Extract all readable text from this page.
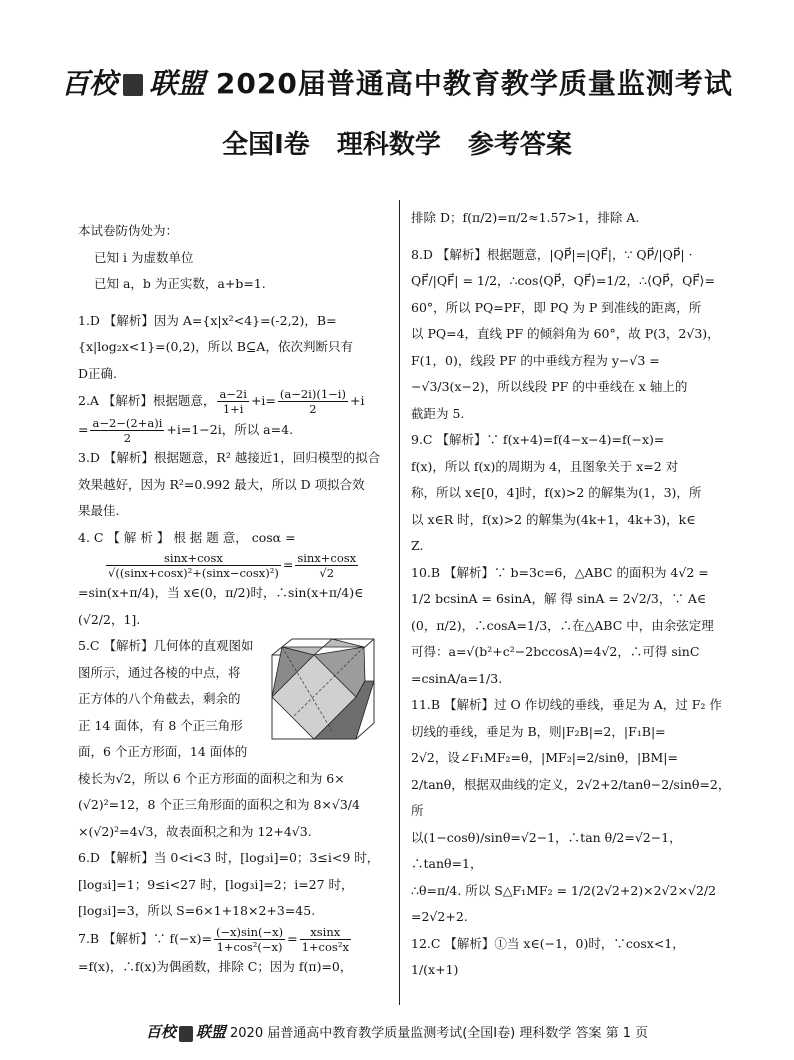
百校 联盟 2020届普通高中教育教学质量监测考试
全国Ⅰ卷 理科数学 参考答案

本试卷防伪处为：

已知 i 为虚数单位

已知 a，b 为正实数，a+b=1.

1.D 【解析】因为 A={x|x²<4}=(-2,2)，B=

{x|log₂x<1}=(0,2)，所以 B⊆A，依次判断只有

D正确.

2.A 【解析】根据题意， $\frac{a-2i}{1+i} +i= \frac{(a-2i)(1-i)}{2} +i$

= $\frac{a-2-(2+a)i}{2} +i=1-2i$，所以 a=4.

3.D 【解析】根据题意，R² 越接近1，回归模型的拟合

效果越好，因为 R²=0.992 最大，所以 D 项拟合效

果最佳.

4. C 【 解 析 】 根 据 题 意， cosα =

$\frac{\sin x+\cos x}{\text{√((sinx+cosx)²+(sinx−cosx)²)}} = \frac{\sin x+\cos x}{√2}$

=sin(x+π/4)，当 x∈(0，π/2)时，∴sin(x+π/4)∈

(√2/2，1].

5.C 【解析】几何体的直观图如

图所示，通过各棱的中点，将

正方体的八个角截去，剩余的

正 14 面体，有 8 个正三角形

面，6 个正方形面，14 面体的

棱长为√2，所以 6 个正方形面的面积之和为 6×

(√2)²=12，8 个正三角形面的面积之和为 8×√3/4

×(√2)²=4√3，故表面积之和为 12+4√3.

6.D 【解析】当 0<i<3 时，[log₃i]=0；3≤i<9 时，

[log₃i]=1；9≤i<27 时，[log₃i]=2；i=27 时，

[log₃i]=3，所以 S=6×1+18×2+3=45.

7.B 【解析】∵ $f(-x)= \frac{(-x)\sin(-x)}{\text{1+cos²(−x)}} = \frac{xsinx}{\text{1+cos²x}}$

=f(x)，∴f(x)为偶函数，排除 C；因为 f(π)=0，

排除 D；f(π/2)=π/2≈1.57>1，排除 A.

8.D 【解析】根据题意，|QP⃗|=|QF⃗|，∵ QP⃗/|QP⃗| ·

QF⃗/|QF⃗| = 1/2，∴cos⟨QP⃗，QF⃗⟩=1/2，∴⟨QP⃗，QF⃗⟩=

60°，所以 PQ=PF，即 PQ 为 P 到准线的距离，所

以 PQ=4，直线 PF 的倾斜角为 60°，故 P(3，2√3)，

F(1，0)，线段 PF 的中垂线方程为 y−√3 =

−√3/3(x−2)，所以线段 PF 的中垂线在 x 轴上的

截距为 5.

9.C 【解析】∵ f(x+4)=f(4−x−4)=f(−x)=

f(x)，所以 f(x)的周期为 4，且图象关于 x=2 对

称，所以 x∈[0，4]时，f(x)>2 的解集为(1，3)，所

以 x∈R 时，f(x)>2 的解集为(4k+1，4k+3)，k∈

Z.

10.B 【解析】∵ b=3c=6，△ABC 的面积为 4√2 =

1/2 bcsinA = 6sinA，解 得 sinA = 2√2/3，∵ A∈

(0，π/2)，∴cosA=1/3，∴在△ABC 中，由余弦定理

可得：a=√(b²+c²−2bccosA)=4√2，∴可得 sinC

=csinA/a=1/3.

11.B 【解析】过 O 作切线的垂线，垂足为 A，过 F₂ 作

切线的垂线，垂足为 B，则|F₂B|=2，|F₁B|=

2√2，设∠F₁MF₂=θ，|MF₂|=2/sinθ，|BM|=

2/tanθ，根据双曲线的定义，2√2+2/tanθ−2/sinθ=2，所

以(1−cosθ)/sinθ=√2−1，∴tan θ/2=√2−1，∴tanθ=1，

∴θ=π/4. 所以 S△F₁MF₂ = 1/2(2√2+2)×2√2×√2/2

=2√2+2.

12.C 【解析】①当 x∈(−1，0)时，∵cosx<1，1/(x+1)

百校 联盟 2020 届普通高中教育教学质量监测考试(全国Ⅰ卷) 理科数学 答案 第 1 页
